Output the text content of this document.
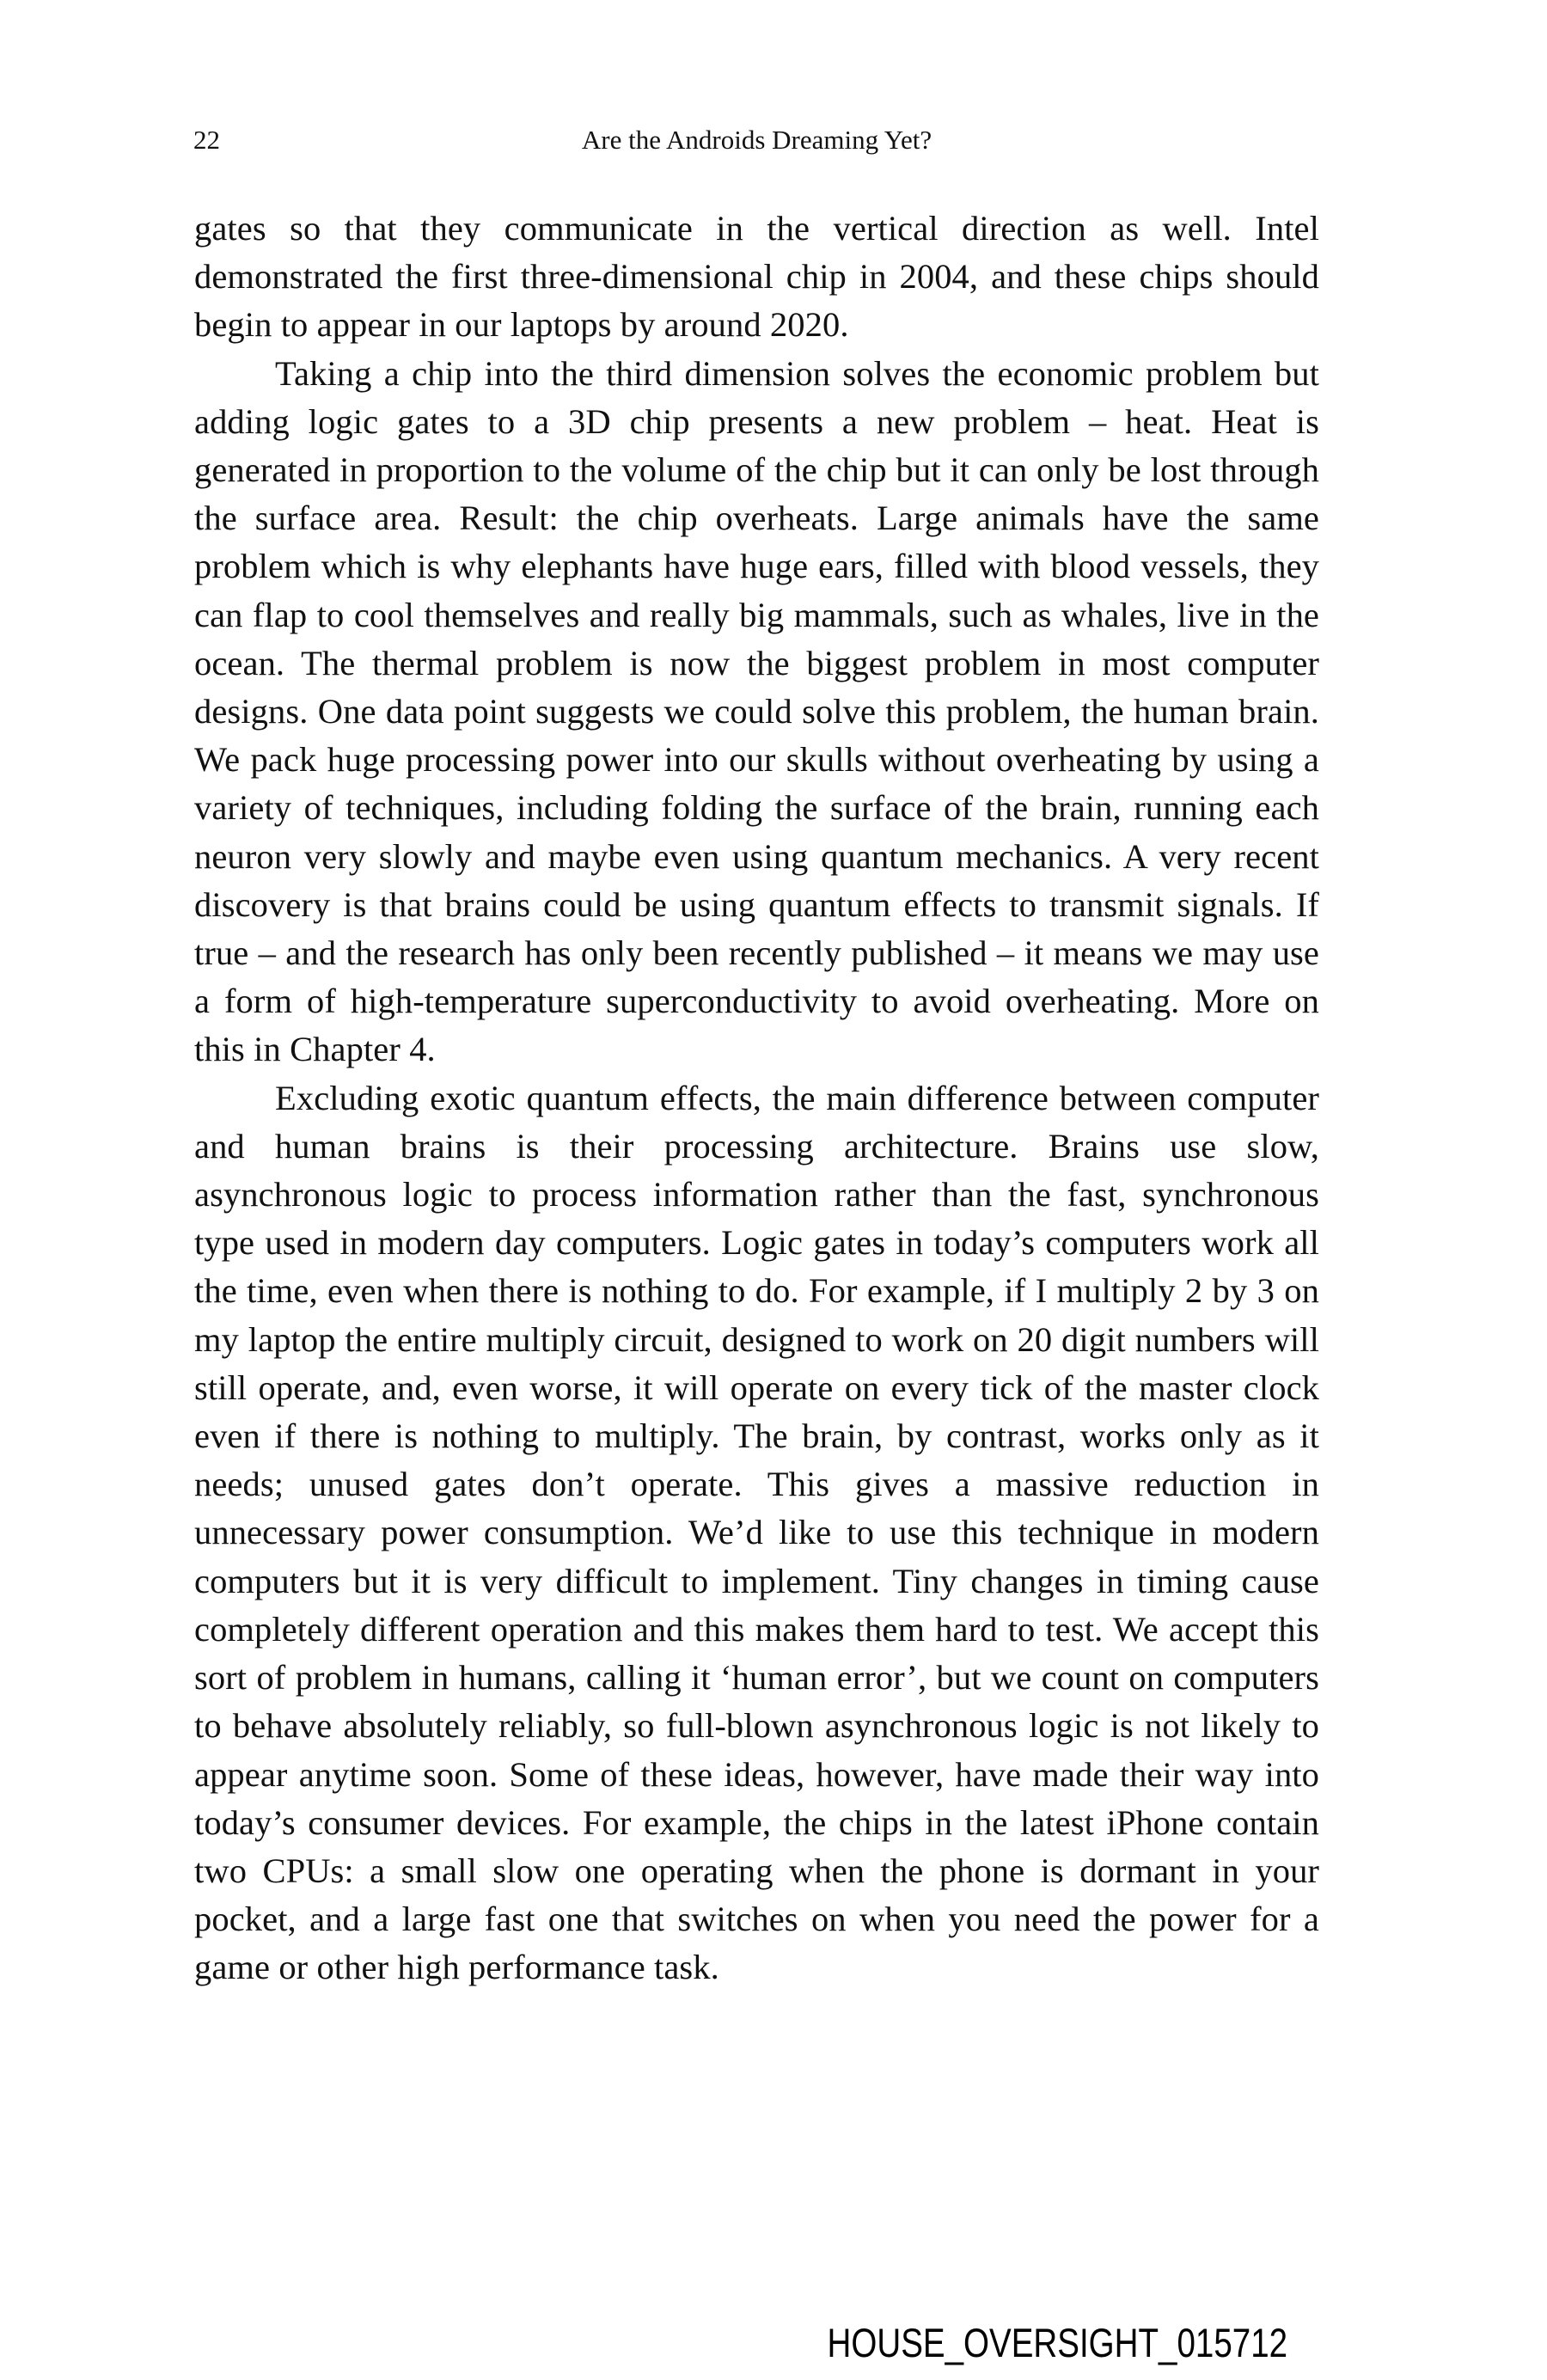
22	Are the Androids Dreaming Yet?

gates so that they communicate in the vertical direction as well. Intel demonstrated the first three-dimensional chip in 2004, and these chips should begin to appear in our laptops by around 2020.

Taking a chip into the third dimension solves the economic problem but adding logic gates to a 3D chip presents a new problem – heat. Heat is generated in proportion to the volume of the chip but it can only be lost through the surface area. Result: the chip overheats. Large animals have the same problem which is why elephants have huge ears, filled with blood vessels, they can flap to cool themselves and really big mammals, such as whales, live in the ocean. The thermal problem is now the biggest problem in most computer designs. One data point suggests we could solve this problem, the human brain. We pack huge processing power into our skulls without overheating by using a variety of techniques, including folding the surface of the brain, running each neuron very slowly and maybe even using quantum mechanics. A very recent discovery is that brains could be using quantum effects to transmit signals. If true – and the research has only been recently published – it means we may use a form of high-temperature superconductivity to avoid overheating. More on this in Chapter 4.

Excluding exotic quantum effects, the main difference between computer and human brains is their processing architecture. Brains use slow, asynchronous logic to process information rather than the fast, synchronous type used in modern day computers. Logic gates in today’s computers work all the time, even when there is nothing to do. For example, if I multiply 2 by 3 on my laptop the entire multiply circuit, designed to work on 20 digit numbers will still operate, and, even worse, it will operate on every tick of the master clock even if there is nothing to multiply. The brain, by contrast, works only as it needs; unused gates don’t operate. This gives a massive reduction in unnecessary power consumption. We’d like to use this technique in modern computers but it is very difficult to implement. Tiny changes in timing cause completely different operation and this makes them hard to test. We accept this sort of problem in humans, calling it ‘human error’, but we count on computers to behave absolutely reliably, so full-blown asynchronous logic is not likely to appear anytime soon. Some of these ideas, however, have made their way into today’s consumer devices. For example, the chips in the latest iPhone contain two CPUs: a small slow one operating when the phone is dormant in your pocket, and a large fast one that switches on when you need the power for a game or other high performance task.

HOUSE_OVERSIGHT_015712
